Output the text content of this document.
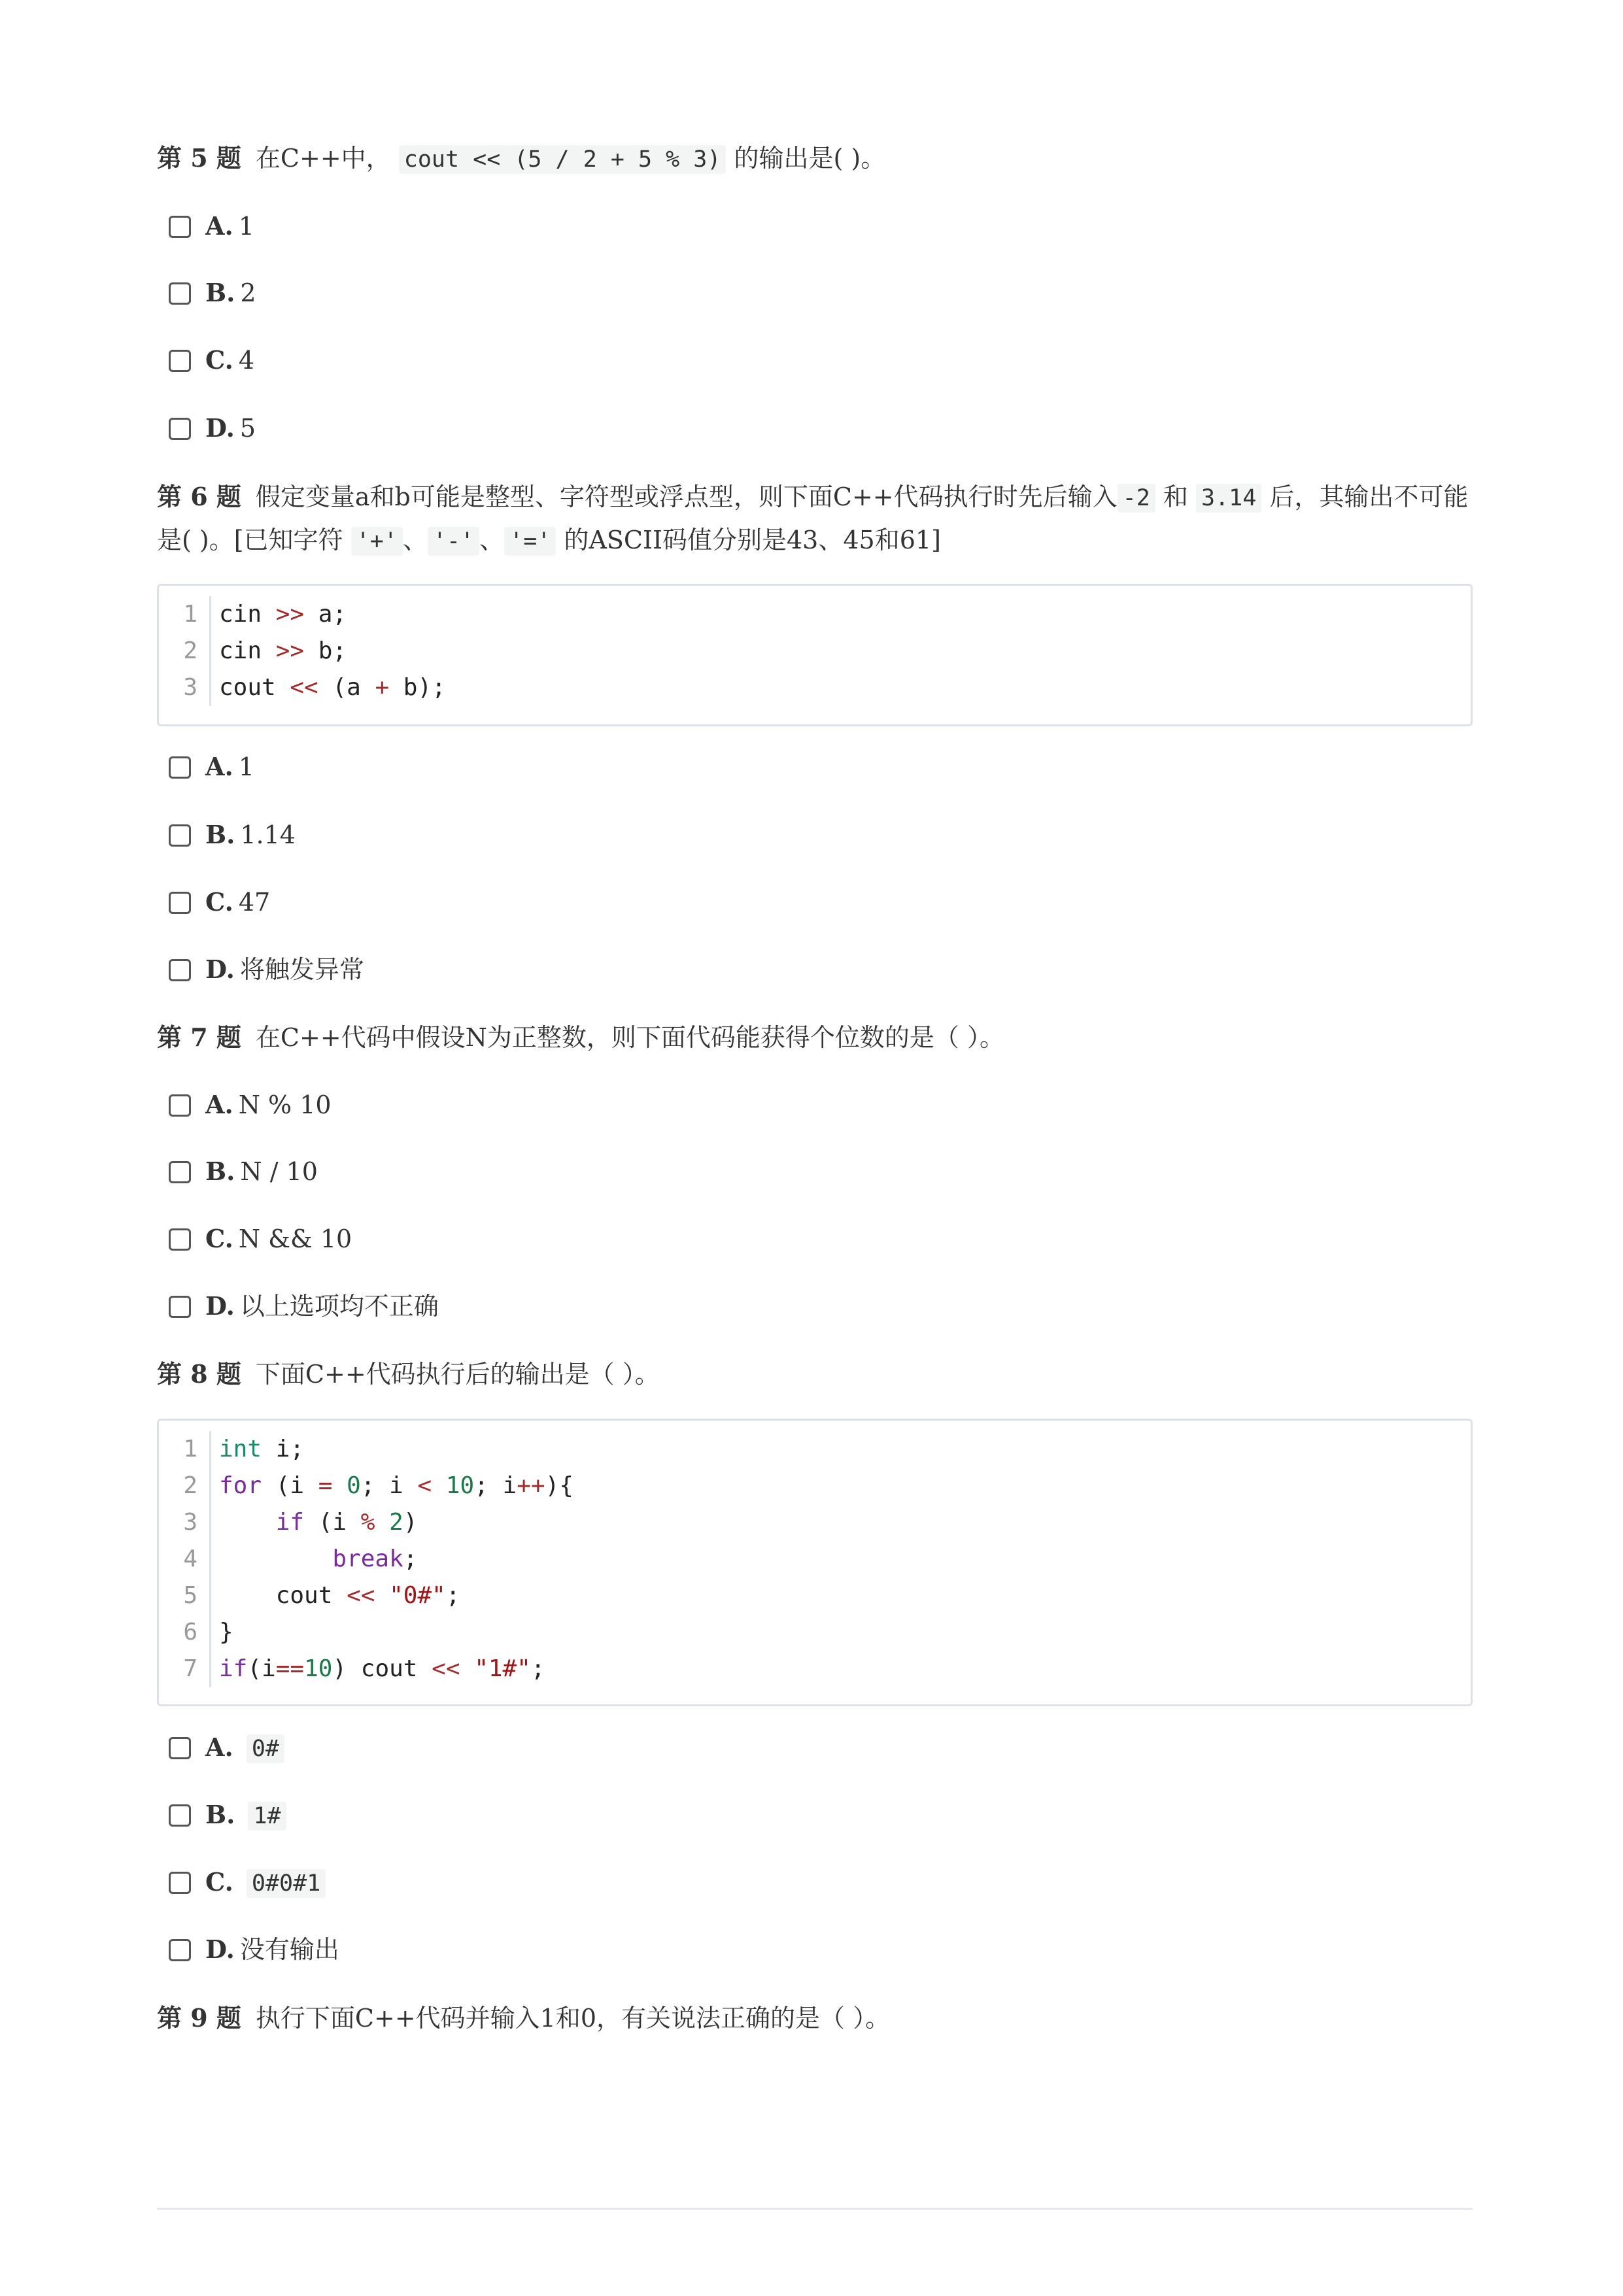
第 5 题 在C++中， cout << (5 / 2 + 5 % 3) 的输出是( )。
A. 1
B. 2
C. 4
D. 5
第 6 题 假定变量a和b可能是整型、字符型或浮点型，则下面C++代码执行时先后输入 -2 和 3.14 后，其输出不可能是( )。[已知字符 '+' 、 '-' 、 '=' 的ASCII码值分别是43、45和61]
1 cin >> a;
2 cin >> b;
3 cout << (a + b);
A. 1
B. 1.14
C. 47
D. 将触发异常
第 7 题 在C++代码中假设N为正整数，则下面代码能获得个位数的是（ ）。
A. N % 10
B. N / 10
C. N && 10
D. 以上选项均不正确
第 8 题 下面C++代码执行后的输出是（ ）。
1 int i;
2 for (i = 0; i < 10; i++){
3	if (i % 2)
4	break;
5 cout << "0#";
6 }
7 if(i==10) cout << "1#";
A. 0#
B. 1#
C. 0#0#1
D. 没有输出
第 9 题 执行下面C++代码并输入1和0，有关说法正确的是（ ）。
